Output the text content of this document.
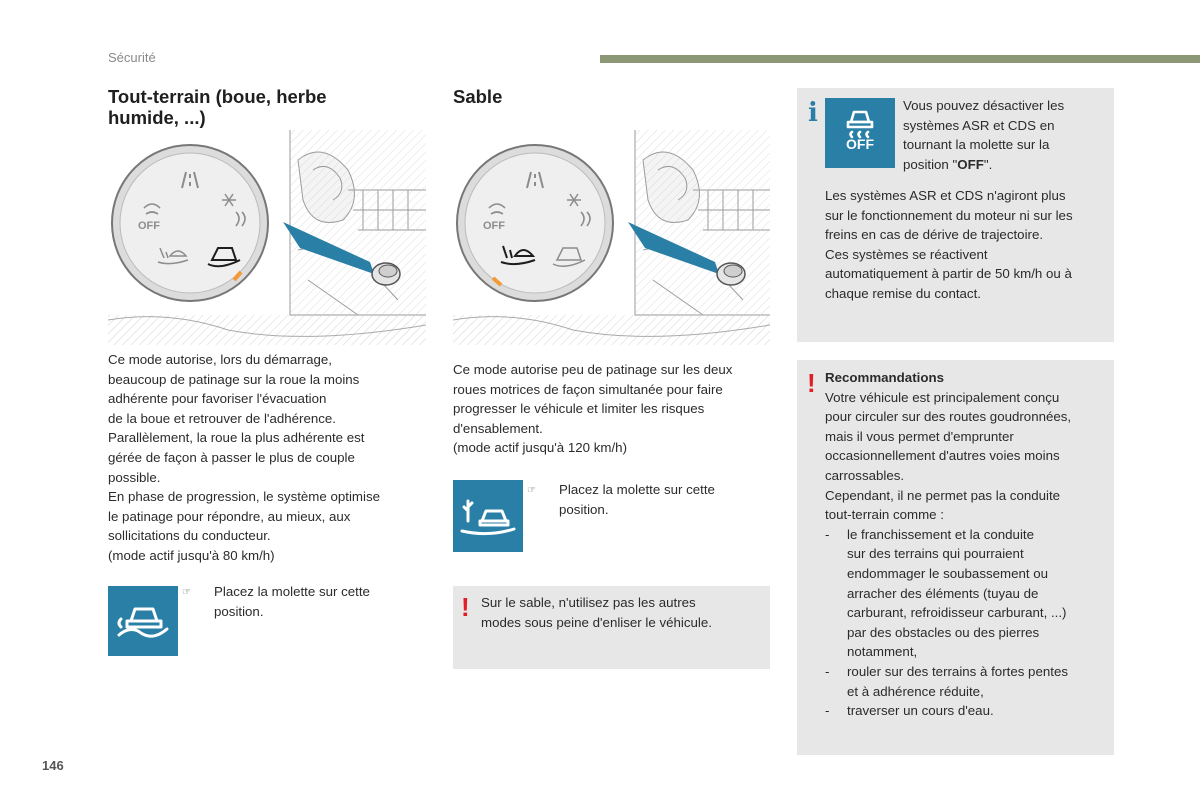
Sécurité
Tout-terrain (boue, herbe
humide, ...)
OFF

Ce mode autorise, lors du démarrage,

beaucoup de patinage sur la roue la moins

adhérente pour favoriser l'évacuation

de la boue et retrouver de l'adhérence.

Parallèlement, la roue la plus adhérente est

gérée de façon à passer le plus de couple

possible.

En phase de progression, le système optimise

le patinage pour répondre, au mieux, aux

sollicitations du conducteur.

(mode actif jusqu'à 80 km/h)

☞ Placez la molette sur cette
position.
Sable
OFF

Ce mode autorise peu de patinage sur les deux

roues motrices de façon simultanée pour faire

progresser le véhicule et limiter les risques

d'ensablement.

(mode actif jusqu'à 120 km/h)

☞ Placez la molette sur cette
position.
! Sur le sable, n'utilisez pas les autres

modes sous peine d'enliser le véhicule.

i
OFF

Vous pouvez désactiver les

systèmes ASR et CDS en

tournant la molette sur la

position "OFF".

Les systèmes ASR et CDS n'agiront plus

sur le fonctionnement du moteur ni sur les

freins en cas de dérive de trajectoire.

Ces systèmes se réactivent

automatiquement à partir de 50 km/h ou à

chaque remise du contact.

! Recommandations

Votre véhicule est principalement conçu

pour circuler sur des routes goudronnées,

mais il vous permet d'emprunter

occasionnellement d'autres voies moins

carrossables.

Cependant, il ne permet pas la conduite

tout-terrain comme :

- le franchissement et la conduite

sur des terrains qui pourraient

endommager le soubassement ou

arracher des éléments (tuyau de

carburant, refroidisseur carburant, ...)

par des obstacles ou des pierres

notamment,

- rouler sur des terrains à fortes pentes

et à adhérence réduite,

- traverser un cours d'eau.

146
